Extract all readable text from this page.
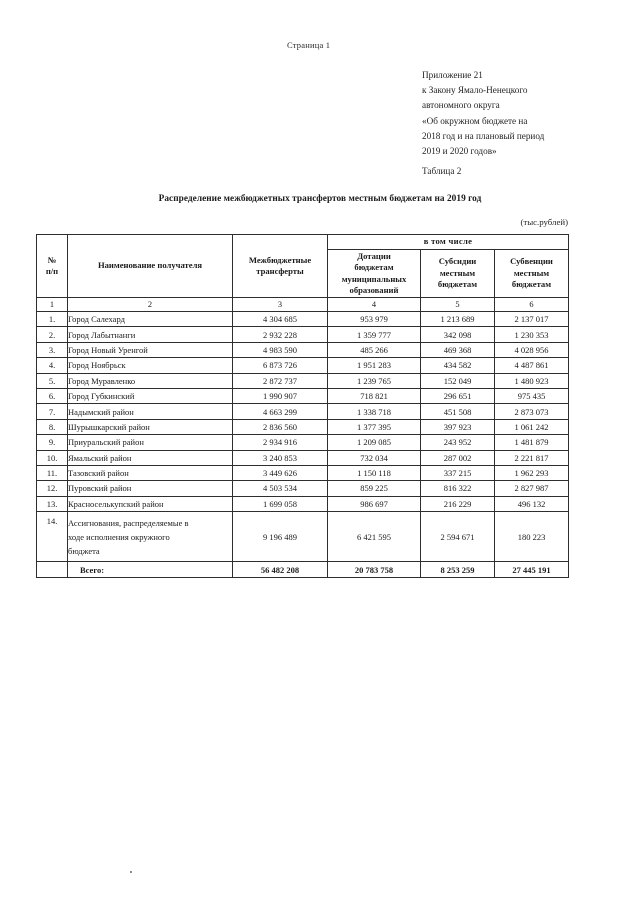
Страница 1
Приложение 21
к Закону Ямало-Ненецкого
автономного округа
«Об окружном бюджете на
2018 год и на плановый период
2019 и 2020 годов»
Таблица 2
Распределение межбюджетных трансфертов местным бюджетам на 2019 год
(тыс.рублей)
№
п/п
	Наименование получателя	
Межбюджетные
трансферты
	в том числе

Дотации
бюджетам
муниципальных
образований

Субсидии
местным
бюджетам

Субвенции
местным
бюджетам

1	2	3	4	5	6
1.	Город Салехард	4 304 685	953 979	1 213 689	2 137 017
2.	Город Лабытнанги	2 932 228	1 359 777	342 098	1 230 353
3.	Город Новый Уренгой	4 983 590	485 266	469 368	4 028 956
4.	Город Ноябрьск	6 873 726	1 951 283	434 582	4 487 861
5.	Город Муравленко	2 872 737	1 239 765	152 049	1 480 923
6.	Город Губкинский	1 990 907	718 821	296 651	975 435
7.	Надымский район	4 663 299	1 338 718	451 508	2 873 073
8.	Шурышкарский район	2 836 560	1 377 395	397 923	1 061 242
9.	Приуральский район	2 934 916	1 209 085	243 952	1 481 879
10.	Ямальский район	3 240 853	732 034	287 002	2 221 817
11.	Тазовский район	3 449 626	1 150 118	337 215	1 962 293
12.	Пуровский район	4 503 534	859 225	816 322	2 827 987
13.	Красноселькупский район	1 699 058	986 697	216 229	496 132
14.	Ассигнования, распределяемые в
ходе исполнения окружного
бюджета	9 196 489	6 421 595	2 594 671	180 223
	Всего:	56 482 208	20 783 758	8 253 259	27 445 191
